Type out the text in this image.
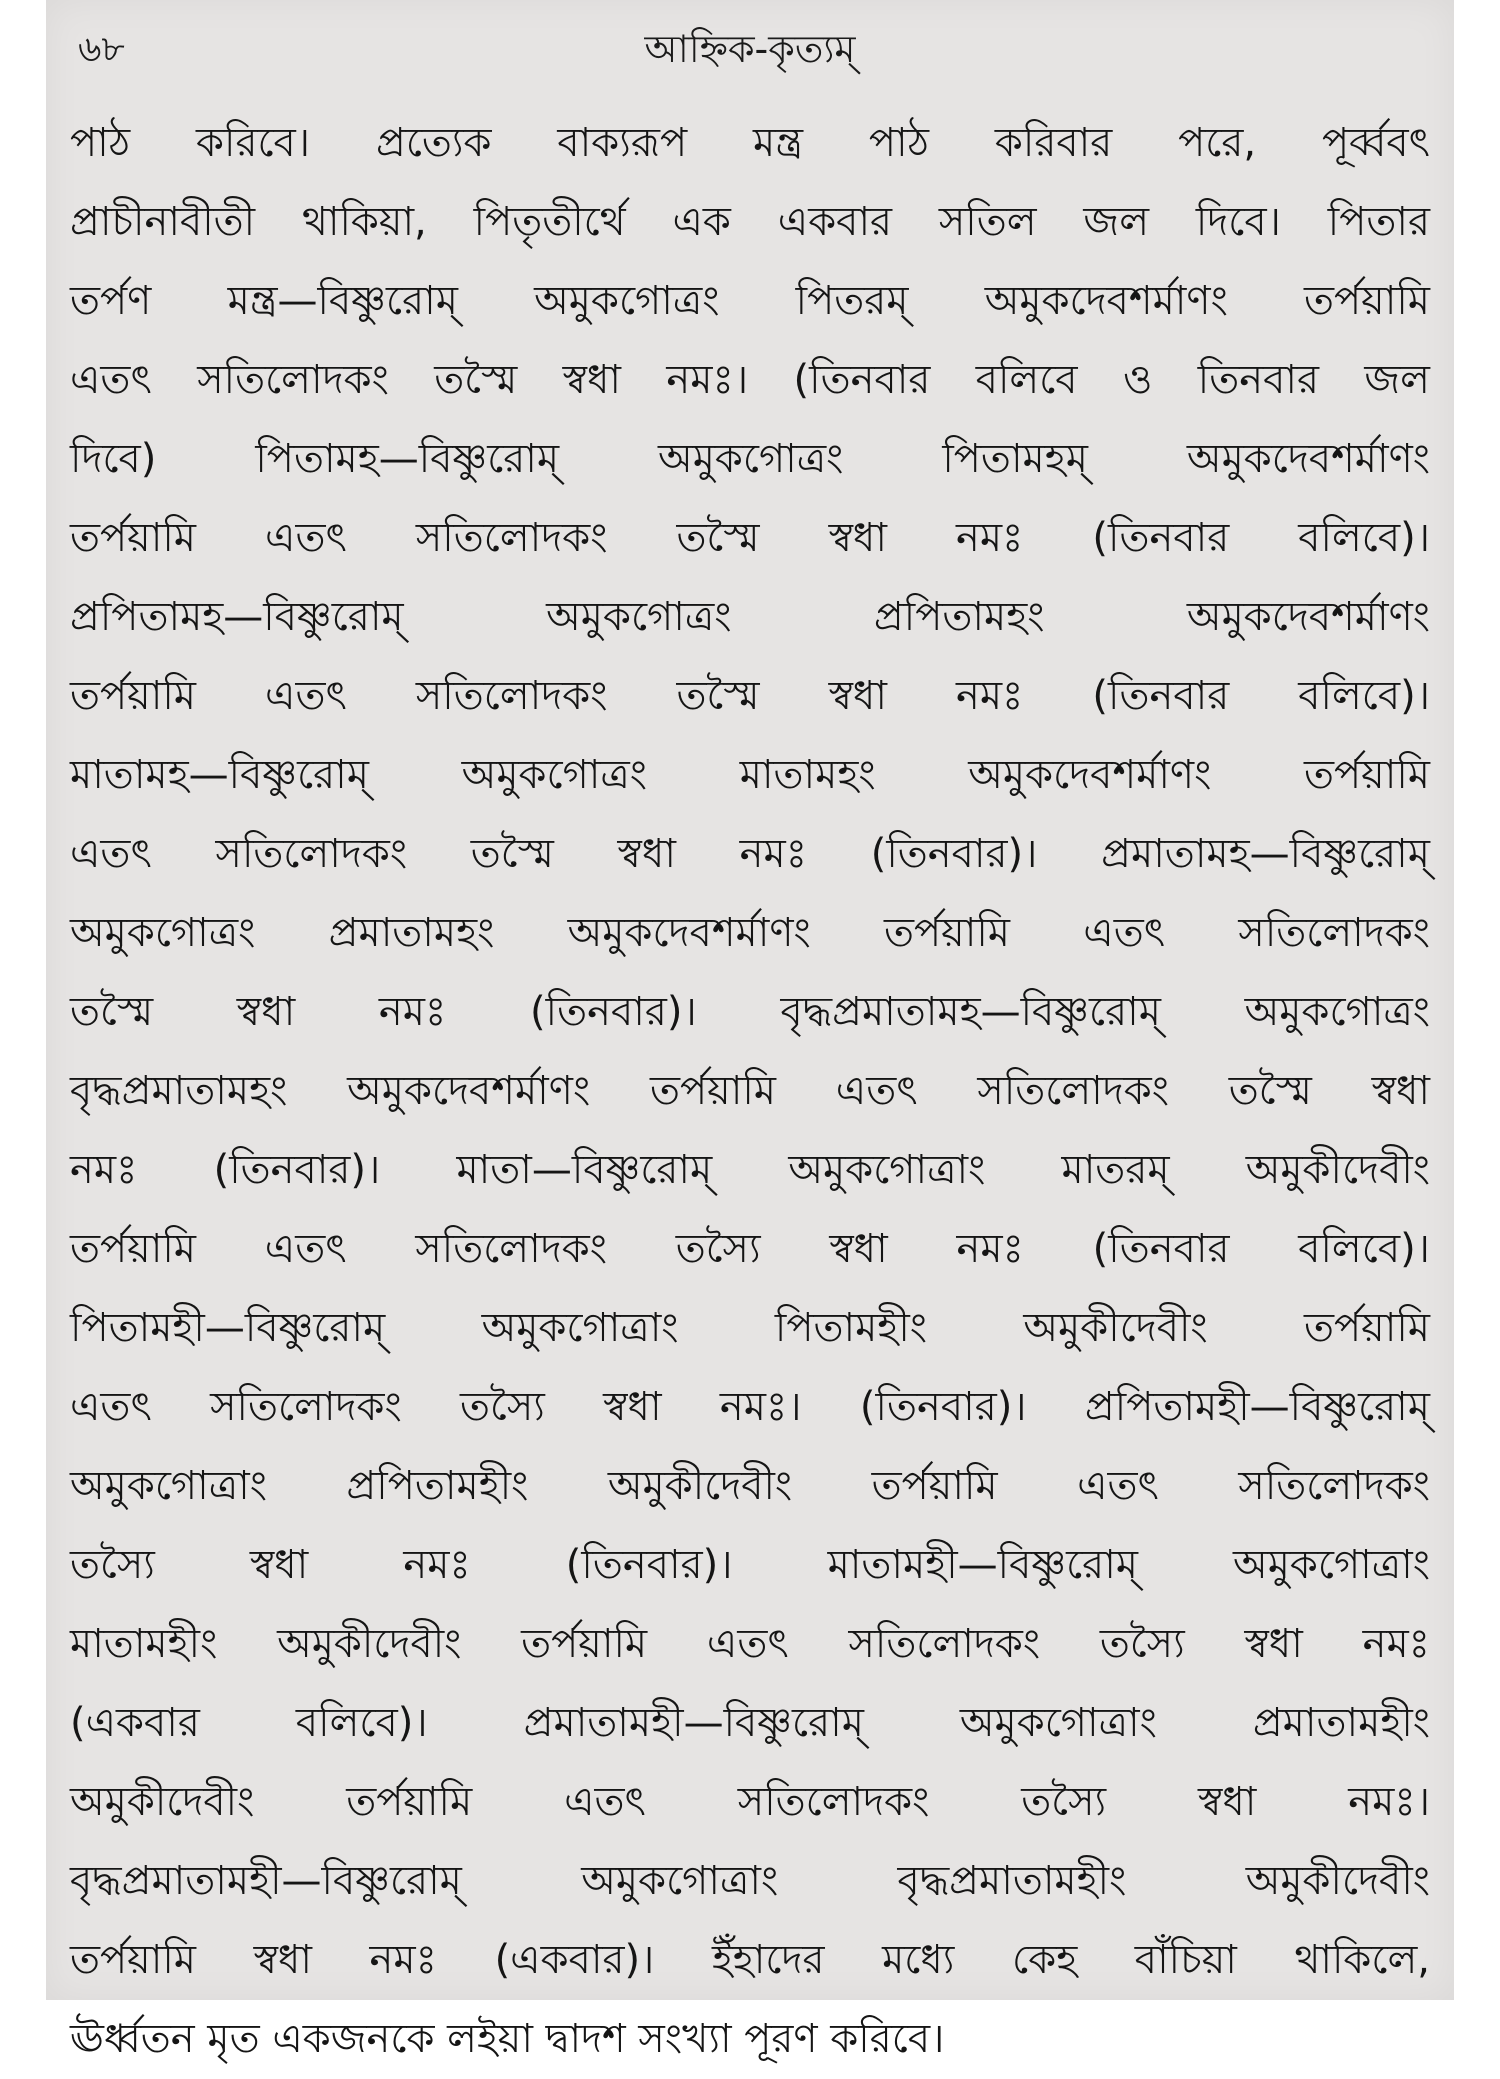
৬৮	আহ্নিক-কৃত্যম্
পাঠ করিবে। প্রত্যেক বাক্যরূপ মন্ত্র পাঠ করিবার পরে, পূর্ব্ববৎ
প্রাচীনাবীতী থাকিয়া, পিতৃতীর্থে এক একবার সতিল জল দিবে। পিতার
তর্পণ মন্ত্র—বিষ্ণুরোম্ অমুকগোত্রং পিতরম্ অমুকদেবশর্মাণং তর্পয়ামি
এতৎ সতিলোদকং তস্মৈ স্বধা নমঃ। (তিনবার বলিবে ও তিনবার জল
দিবে) পিতামহ—বিষ্ণুরোম্ অমুকগোত্রং পিতামহম্ অমুকদেবশর্মাণং
তর্পয়ামি এতৎ সতিলোদকং তস্মৈ স্বধা নমঃ (তিনবার বলিবে)।
প্রপিতামহ—বিষ্ণুরোম্ অমুকগোত্রং প্রপিতামহং অমুকদেবশর্মাণং
তর্পয়ামি এতৎ সতিলোদকং তস্মৈ স্বধা নমঃ (তিনবার বলিবে)।
মাতামহ—বিষ্ণুরোম্ অমুকগোত্রং মাতামহং অমুকদেবশর্মাণং তর্পয়ামি
এতৎ সতিলোদকং তস্মৈ স্বধা নমঃ (তিনবার)। প্রমাতামহ—বিষ্ণুরোম্
অমুকগোত্রং প্রমাতামহং অমুকদেবশর্মাণং তর্পয়ামি এতৎ সতিলোদকং
তস্মৈ স্বধা নমঃ (তিনবার)। বৃদ্ধপ্রমাতামহ—বিষ্ণুরোম্ অমুকগোত্রং
বৃদ্ধপ্রমাতামহং অমুকদেবশর্মাণং তর্পয়ামি এতৎ সতিলোদকং তস্মৈ স্বধা
নমঃ (তিনবার)। মাতা—বিষ্ণুরোম্ অমুকগোত্রাং মাতরম্ অমুকীদেবীং
তর্পয়ামি এতৎ সতিলোদকং তস্যৈ স্বধা নমঃ (তিনবার বলিবে)।
পিতামহী—বিষ্ণুরোম্ অমুকগোত্রাং পিতামহীং অমুকীদেবীং তর্পয়ামি
এতৎ সতিলোদকং তস্যৈ স্বধা নমঃ। (তিনবার)। প্রপিতামহী—বিষ্ণুরোম্
অমুকগোত্রাং প্রপিতামহীং অমুকীদেবীং তর্পয়ামি এতৎ সতিলোদকং
তস্যৈ স্বধা নমঃ (তিনবার)। মাতামহী—বিষ্ণুরোম্ অমুকগোত্রাং
মাতামহীং অমুকীদেবীং তর্পয়ামি এতৎ সতিলোদকং তস্যৈ স্বধা নমঃ
(একবার বলিবে)। প্রমাতামহী—বিষ্ণুরোম্ অমুকগোত্রাং প্রমাতামহীং
অমুকীদেবীং তর্পয়ামি এতৎ সতিলোদকং তস্যৈ স্বধা নমঃ।
বৃদ্ধপ্রমাতামহী—বিষ্ণুরোম্ অমুকগোত্রাং বৃদ্ধপ্রমাতামহীং অমুকীদেবীং
তর্পয়ামি স্বধা নমঃ (একবার)। ইঁহাদের মধ্যে কেহ বাঁচিয়া থাকিলে,
ঊর্ধ্বতন মৃত একজনকে লইয়া দ্বাদশ সংখ্যা পূরণ করিবে।
